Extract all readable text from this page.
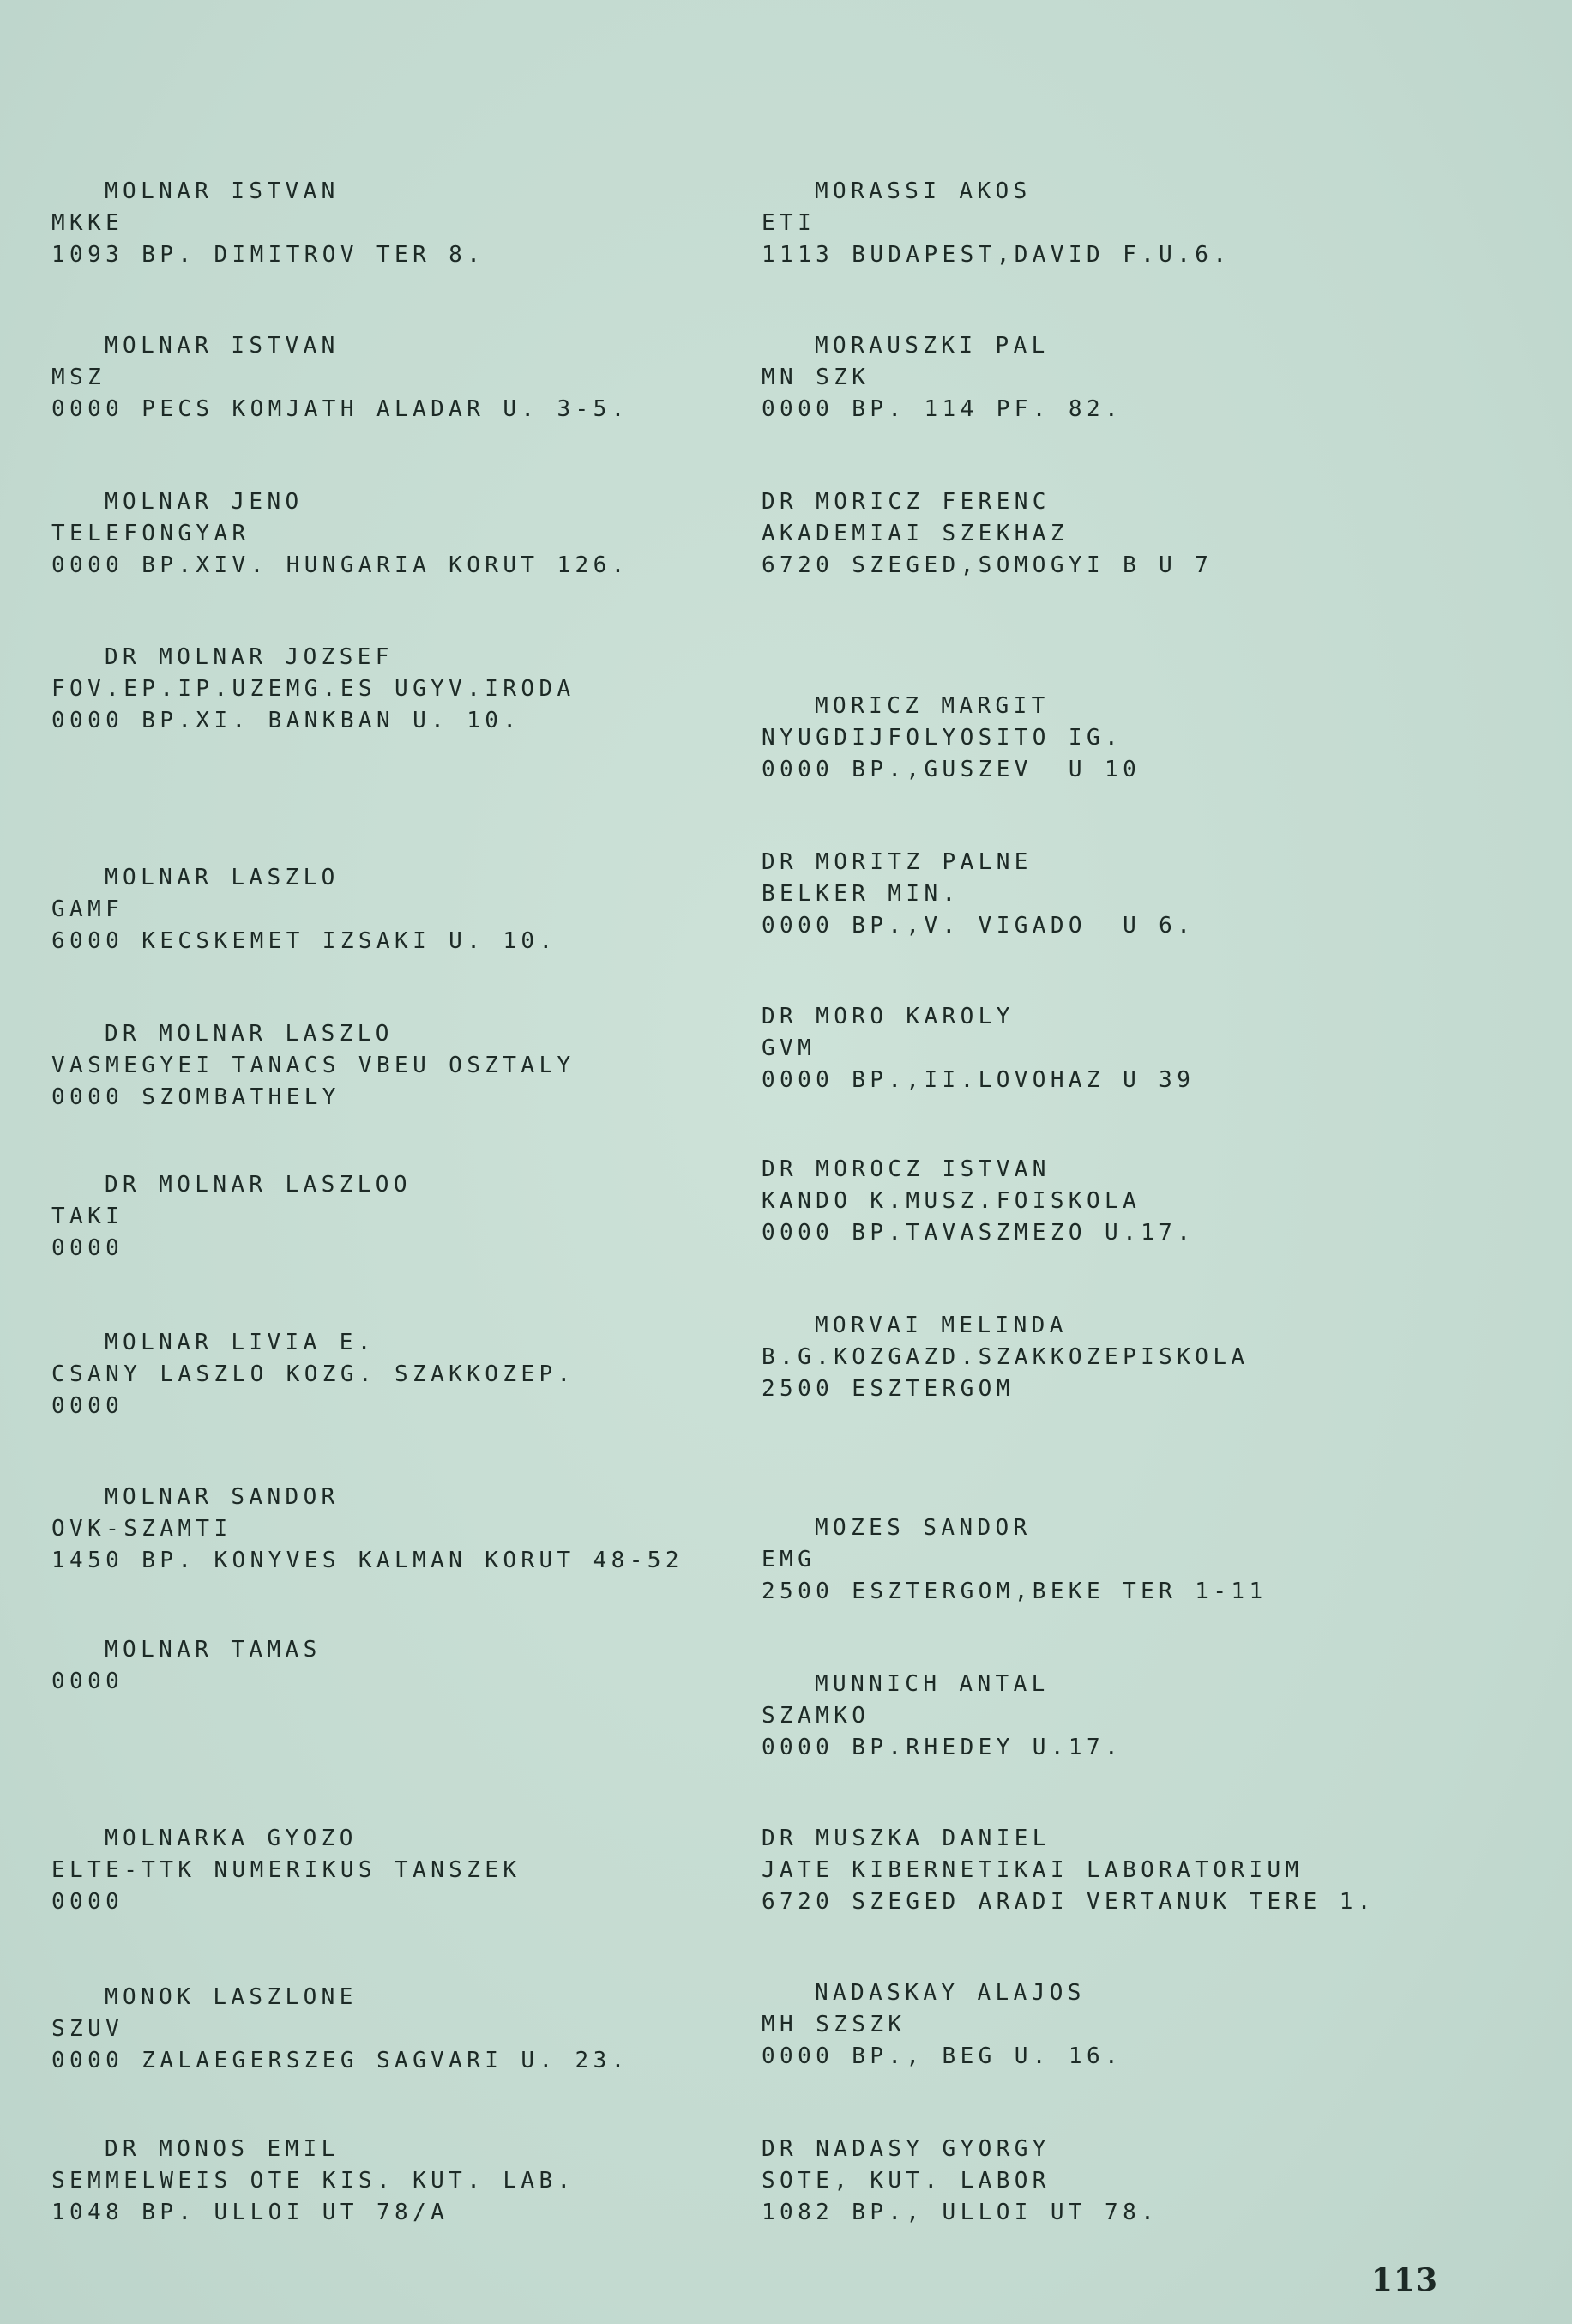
MOLNAR ISTVAN
MKKE
1093 BP. DIMITROV TER 8.
MOLNAR ISTVAN
MSZ
0000 PECS KOMJATH ALADAR U. 3-5.
MOLNAR JENO
TELEFONGYAR
0000 BP.XIV. HUNGARIA KORUT 126.
DR MOLNAR JOZSEF
FOV.EP.IP.UZEMG.ES UGYV.IRODA
0000 BP.XI. BANKBAN U. 10.
MOLNAR LASZLO
GAMF
6000 KECSKEMET IZSAKI U. 10.
DR MOLNAR LASZLO
VASMEGYEI TANACS VBEU OSZTALY
0000 SZOMBATHELY
DR MOLNAR LASZLOO
TAKI
0000
MOLNAR LIVIA E.
CSANY LASZLO KOZG. SZAKKOZEP.
0000
MOLNAR SANDOR
OVK-SZAMTI
1450 BP. KONYVES KALMAN KORUT 48-52
MOLNAR TAMAS
0000
MOLNARKA GYOZO
ELTE-TTK NUMERIKUS TANSZEK
0000
MONOK LASZLONE
SZUV
0000 ZALAEGERSZEG SAGVARI U. 23.
DR MONOS EMIL
SEMMELWEIS OTE KIS. KUT. LAB.
1048 BP. ULLOI UT 78/A
MORASSI AKOS
ETI
1113 BUDAPEST,DAVID F.U.6.
MORAUSZKI PAL
MN SZK
0000 BP. 114 PF. 82.
DR MORICZ FERENC
AKADEMIAI SZEKHAZ
6720 SZEGED,SOMOGYI B U 7
MORICZ MARGIT
NYUGDIJFOLYOSITO IG.
0000 BP.,GUSZEV  U 10
DR MORITZ PALNE
BELKER MIN.
0000 BP.,V. VIGADO  U 6.
DR MORO KAROLY
GVM
0000 BP.,II.LOVOHAZ U 39
DR MOROCZ ISTVAN
KANDO K.MUSZ.FOISKOLA
0000 BP.TAVASZMEZO U.17.
MORVAI MELINDA
B.G.KOZGAZD.SZAKKOZEPISKOLA
2500 ESZTERGOM
MOZES SANDOR
EMG
2500 ESZTERGOM,BEKE TER 1-11
MUNNICH ANTAL
SZAMKO
0000 BP.RHEDEY U.17.
DR MUSZKA DANIEL
JATE KIBERNETIKAI LABORATORIUM
6720 SZEGED ARADI VERTANUK TERE 1.
NADASKAY ALAJOS
MH SZSZK
0000 BP., BEG U. 16.
DR NADASY GYORGY
SOTE, KUT. LABOR
1082 BP., ULLOI UT 78.
113
